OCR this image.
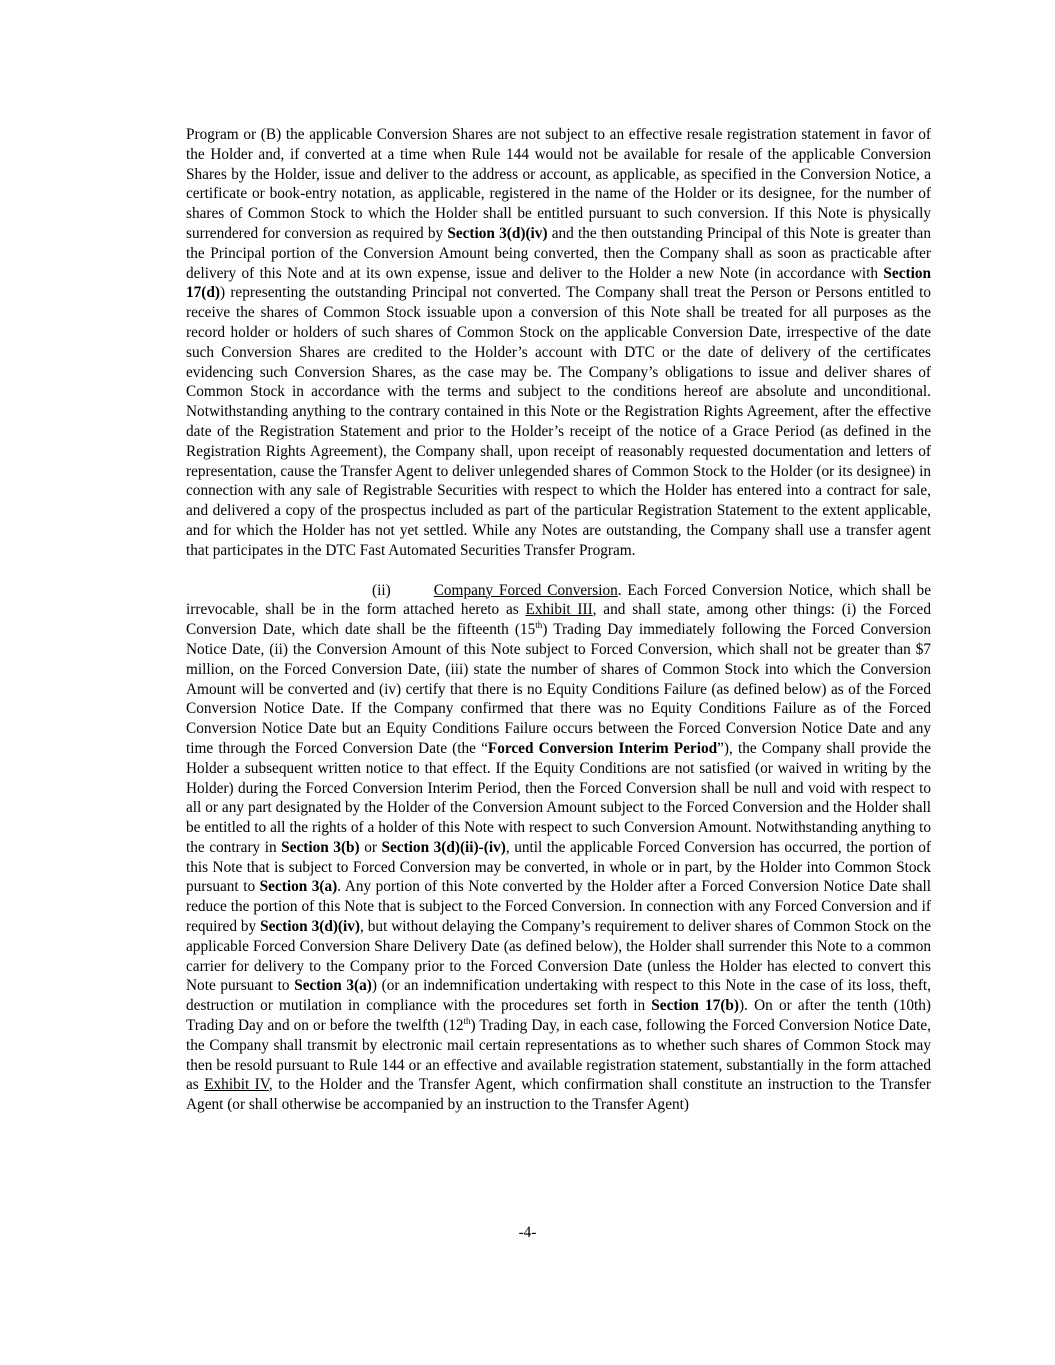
Program or (B) the applicable Conversion Shares are not subject to an effective resale registration statement in favor of the Holder and, if converted at a time when Rule 144 would not be available for resale of the applicable Conversion Shares by the Holder, issue and deliver to the address or account, as applicable, as specified in the Conversion Notice, a certificate or book-entry notation, as applicable, registered in the name of the Holder or its designee, for the number of shares of Common Stock to which the Holder shall be entitled pursuant to such conversion. If this Note is physically surrendered for conversion as required by Section 3(d)(iv) and the then outstanding Principal of this Note is greater than the Principal portion of the Conversion Amount being converted, then the Company shall as soon as practicable after delivery of this Note and at its own expense, issue and deliver to the Holder a new Note (in accordance with Section 17(d)) representing the outstanding Principal not converted. The Company shall treat the Person or Persons entitled to receive the shares of Common Stock issuable upon a conversion of this Note shall be treated for all purposes as the record holder or holders of such shares of Common Stock on the applicable Conversion Date, irrespective of the date such Conversion Shares are credited to the Holder’s account with DTC or the date of delivery of the certificates evidencing such Conversion Shares, as the case may be. The Company’s obligations to issue and deliver shares of Common Stock in accordance with the terms and subject to the conditions hereof are absolute and unconditional. Notwithstanding anything to the contrary contained in this Note or the Registration Rights Agreement, after the effective date of the Registration Statement and prior to the Holder’s receipt of the notice of a Grace Period (as defined in the Registration Rights Agreement), the Company shall, upon receipt of reasonably requested documentation and letters of representation, cause the Transfer Agent to deliver unlegended shares of Common Stock to the Holder (or its designee) in connection with any sale of Registrable Securities with respect to which the Holder has entered into a contract for sale, and delivered a copy of the prospectus included as part of the particular Registration Statement to the extent applicable, and for which the Holder has not yet settled. While any Notes are outstanding, the Company shall use a transfer agent that participates in the DTC Fast Automated Securities Transfer Program.

(ii)	Company Forced Conversion. Each Forced Conversion Notice, which shall be irrevocable, shall be in the form attached hereto as Exhibit III, and shall state, among other things: (i) the Forced Conversion Date, which date shall be the fifteenth (15th) Trading Day immediately following the Forced Conversion Notice Date, (ii) the Conversion Amount of this Note subject to Forced Conversion, which shall not be greater than $7 million, on the Forced Conversion Date, (iii) state the number of shares of Common Stock into which the Conversion Amount will be converted and (iv) certify that there is no Equity Conditions Failure (as defined below) as of the Forced Conversion Notice Date. If the Company confirmed that there was no Equity Conditions Failure as of the Forced Conversion Notice Date but an Equity Conditions Failure occurs between the Forced Conversion Notice Date and any time through the Forced Conversion Date (the “Forced Conversion Interim Period”), the Company shall provide the Holder a subsequent written notice to that effect. If the Equity Conditions are not satisfied (or waived in writing by the Holder) during the Forced Conversion Interim Period, then the Forced Conversion shall be null and void with respect to all or any part designated by the Holder of the Conversion Amount subject to the Forced Conversion and the Holder shall be entitled to all the rights of a holder of this Note with respect to such Conversion Amount. Notwithstanding anything to the contrary in Section 3(b) or Section 3(d)(ii)-(iv), until the applicable Forced Conversion has occurred, the portion of this Note that is subject to Forced Conversion may be converted, in whole or in part, by the Holder into Common Stock pursuant to Section 3(a). Any portion of this Note converted by the Holder after a Forced Conversion Notice Date shall reduce the portion of this Note that is subject to the Forced Conversion. In connection with any Forced Conversion and if required by Section 3(d)(iv), but without delaying the Company’s requirement to deliver shares of Common Stock on the applicable Forced Conversion Share Delivery Date (as defined below), the Holder shall surrender this Note to a common carrier for delivery to the Company prior to the Forced Conversion Date (unless the Holder has elected to convert this Note pursuant to Section 3(a)) (or an indemnification undertaking with respect to this Note in the case of its loss, theft, destruction or mutilation in compliance with the procedures set forth in Section 17(b)). On or after the tenth (10th) Trading Day and on or before the twelfth (12th) Trading Day, in each case, following the Forced Conversion Notice Date, the Company shall transmit by electronic mail certain representations as to whether such shares of Common Stock may then be resold pursuant to Rule 144 or an effective and available registration statement, substantially in the form attached as Exhibit IV, to the Holder and the Transfer Agent, which confirmation shall constitute an instruction to the Transfer Agent (or shall otherwise be accompanied by an instruction to the Transfer Agent)

-4-
